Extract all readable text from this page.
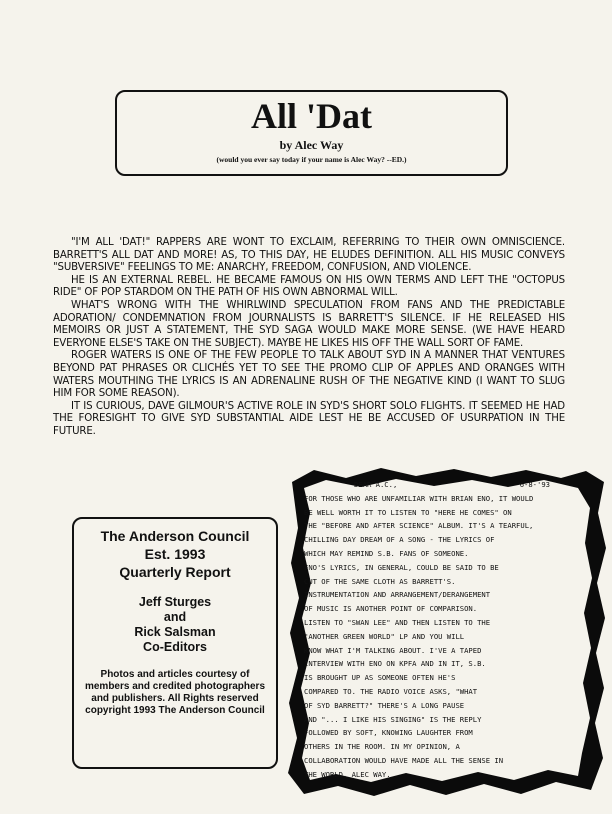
All 'Dat
by Alec Way
(would you ever say today if your name is Alec Way? --ED.)

"I'M ALL 'DAT!" RAPPERS ARE WONT TO EXCLAIM, REFERRING TO THEIR OWN OMNISCIENCE. BARRETT'S ALL DAT AND MORE! AS, TO THIS DAY, HE ELUDES DEFINITION. ALL HIS MUSIC CONVEYS "SUBVERSIVE" FEELINGS TO ME: ANARCHY, FREEDOM, CONFUSION, AND VIOLENCE.

HE IS AN EXTERNAL REBEL. HE BECAME FAMOUS ON HIS OWN TERMS AND LEFT THE "OCTOPUS RIDE" OF POP STARDOM ON THE PATH OF HIS OWN ABNORMAL WILL.

WHAT'S WRONG WITH THE WHIRLWIND SPECULATION FROM FANS AND THE PREDICTABLE ADORATION/ CONDEMNATION FROM JOURNALISTS IS BARRETT'S SILENCE. IF HE RELEASED HIS MEMOIRS OR JUST A STATEMENT, THE SYD SAGA WOULD MAKE MORE SENSE. (WE HAVE HEARD EVERYONE ELSE'S TAKE ON THE SUBJECT). MAYBE HE LIKES HIS OFF THE WALL SORT OF FAME.

ROGER WATERS IS ONE OF THE FEW PEOPLE TO TALK ABOUT SYD IN A MANNER THAT VENTURES BEYOND PAT PHRASES OR CLICHÉS YET TO SEE THE PROMO CLIP OF APPLES AND ORANGES WITH WATERS MOUTHING THE LYRICS IS AN ADRENALINE RUSH OF THE NEGATIVE KIND (I WANT TO SLUG HIM FOR SOME REASON).

IT IS CURIOUS, DAVE GILMOUR'S ACTIVE ROLE IN SYD'S SHORT SOLO FLIGHTS. IT SEEMED HE HAD THE FORESIGHT TO GIVE SYD SUBSTANTIAL AIDE LEST HE BE ACCUSED OF USURPATION IN THE FUTURE.

The Anderson Council
Est. 1993
Quarterly Report
Jeff Sturges
and
Rick Salsman
Co-Editors
Photos and articles courtesy of members and credited photographers and publishers. All Rights reserved copyright 1993 The Anderson Council
DEAR A.C.,	6-8-'93
FOR THOSE WHO ARE UNFAMILIAR WITH BRIAN ENO, IT WOULD
BE WELL WORTH IT TO LISTEN TO "HERE HE COMES" ON
THE "BEFORE AND AFTER SCIENCE" ALBUM. IT'S A TEARFUL,
CHILLING DAY DREAM OF A SONG - THE LYRICS OF
WHICH MAY REMIND S.B. FANS OF SOMEONE.
ENO'S LYRICS, IN GENERAL, COULD BE SAID TO BE
CUT OF THE SAME CLOTH AS BARRETT'S.
INSTRUMENTATION AND ARRANGEMENT/DERANGEMENT
OF MUSIC IS ANOTHER POINT OF COMPARISON.
LISTEN TO "SWAN LEE" AND THEN LISTEN TO THE
"ANOTHER GREEN WORLD" LP AND YOU WILL
KNOW WHAT I'M TALKING ABOUT. I'VE A TAPED
INTERVIEW WITH ENO ON KPFA AND IN IT, S.B.
IS BROUGHT UP AS SOMEONE OFTEN HE'S
COMPARED TO. THE RADIO VOICE ASKS, "WHAT
OF SYD BARRETT?" THERE'S A LONG PAUSE
AND "... I LIKE HIS SINGING" IS THE REPLY
FOLLOWED BY SOFT, KNOWING LAUGHTER FROM
OTHERS IN THE ROOM. IN MY OPINION, A
COLLABORATION WOULD HAVE MADE ALL THE SENSE IN
THE WORLD. ALEC WAY.
